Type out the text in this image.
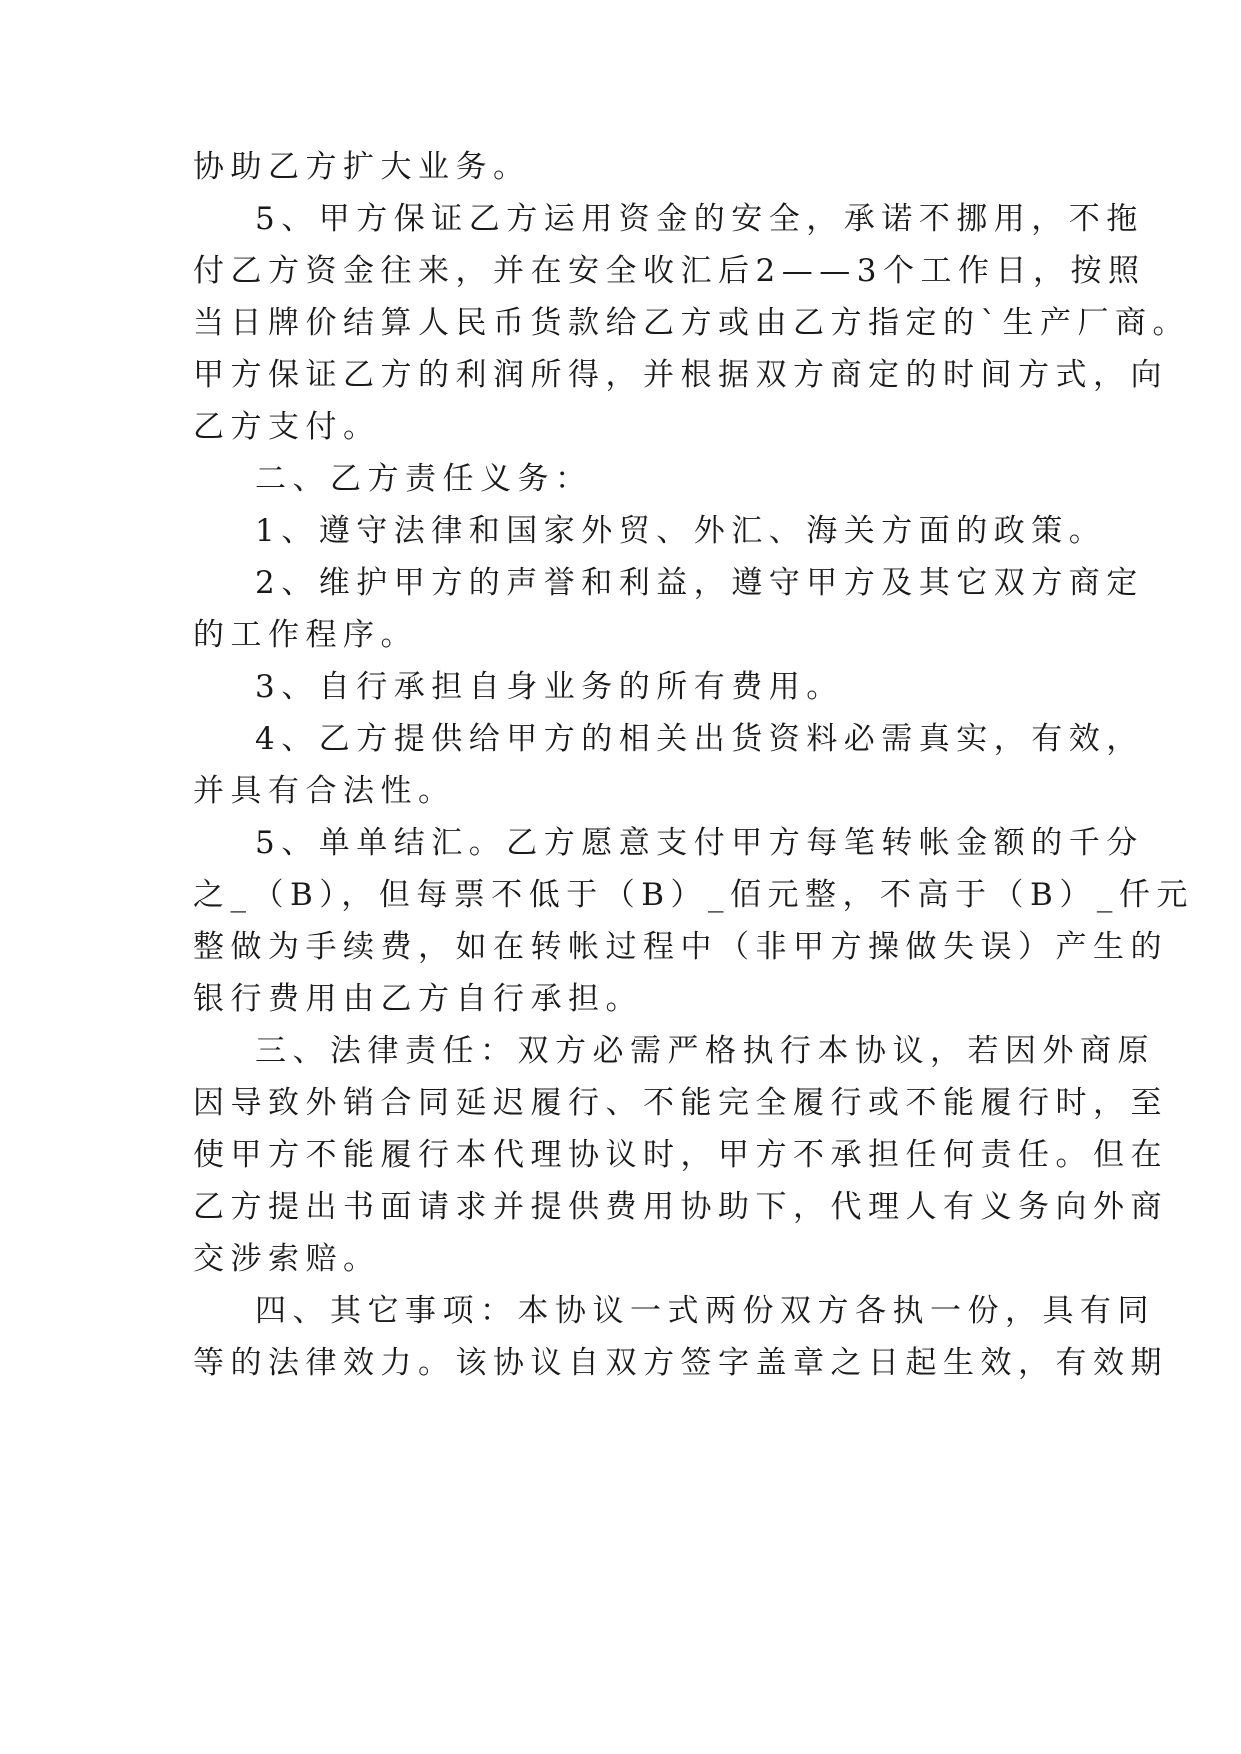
协助乙方扩大业务。
5、甲方保证乙方运用资金的安全，承诺不挪用，不拖
付乙方资金往来，并在安全收汇后2——3个工作日，按照
当日牌价结算人民币货款给乙方或由乙方指定的`生产厂商。
甲方保证乙方的利润所得，并根据双方商定的时间方式，向
乙方支付。
二、乙方责任义务：
1、遵守法律和国家外贸、外汇、海关方面的政策。
2、维护甲方的声誉和利益，遵守甲方及其它双方商定
的工作程序。
3、自行承担自身业务的所有费用。
4、乙方提供给甲方的相关出货资料必需真实，有效，
并具有合法性。
5、单单结汇。乙方愿意支付甲方每笔转帐金额的千分
之_（B），但每票不低于（B）_佰元整，不高于（B）_仟元
整做为手续费，如在转帐过程中（非甲方操做失误）产生的
银行费用由乙方自行承担。
三、法律责任：双方必需严格执行本协议，若因外商原
因导致外销合同延迟履行、不能完全履行或不能履行时，至
使甲方不能履行本代理协议时，甲方不承担任何责任。但在
乙方提出书面请求并提供费用协助下，代理人有义务向外商
交涉索赔。
四、其它事项：本协议一式两份双方各执一份，具有同
等的法律效力。该协议自双方签字盖章之日起生效，有效期
